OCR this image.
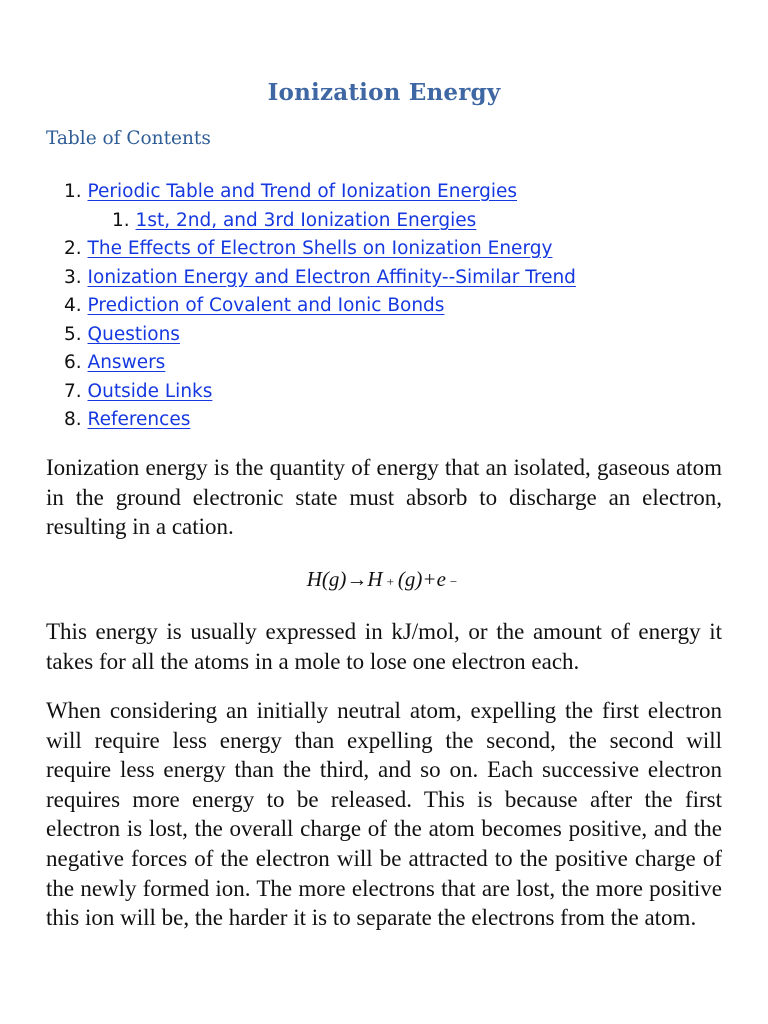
Ionization Energy
Table of Contents
1. Periodic Table and Trend of Ionization Energies
1. 1st, 2nd, and 3rd Ionization Energies
2. The Effects of Electron Shells on Ionization Energy
3. Ionization Energy and Electron Affinity--Similar Trend
4. Prediction of Covalent and Ionic Bonds
5. Questions
6. Answers
7. Outside Links
8. References

Ionization energy is the quantity of energy that an isolated, gaseous atom in the ground electronic state must absorb to discharge an electron, resulting in a cation.

H(g)→H + (g)+e −

This energy is usually expressed in kJ/mol, or the amount of energy it takes for all the atoms in a mole to lose one electron each.

When considering an initially neutral atom, expelling the first electron will require less energy than expelling the second, the second will require less energy than the third, and so on. Each successive electron requires more energy to be released. This is because after the first electron is lost, the overall charge of the atom becomes positive, and the negative forces of the electron will be attracted to the positive charge of the newly formed ion. The more electrons that are lost, the more positive this ion will be, the harder it is to separate the electrons from the atom.
